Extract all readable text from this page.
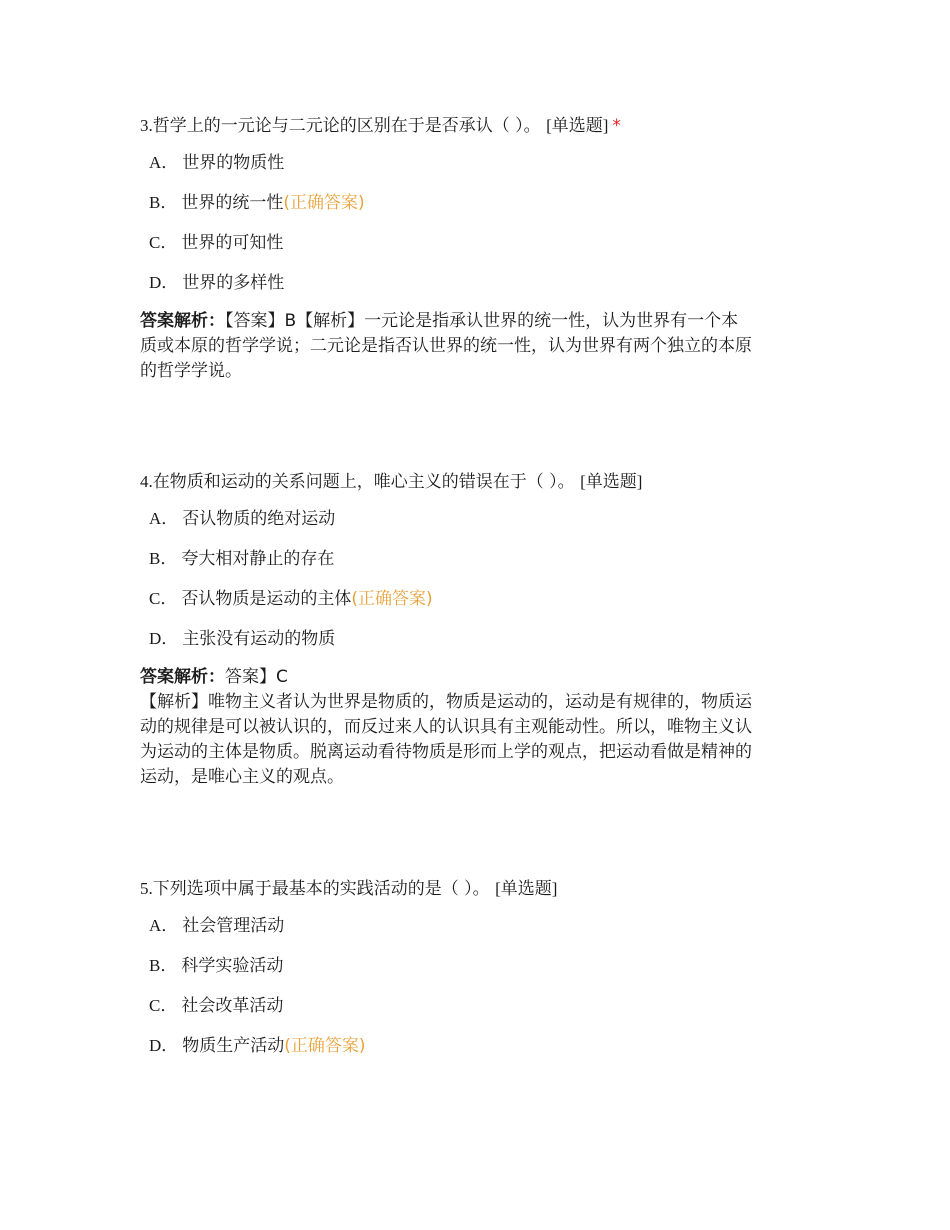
3.哲学上的一元论与二元论的区别在于是否承认（ ）。 [单选题] *

A． 世界的物质性
B． 世界的统一性(正确答案)
C． 世界的可知性
D． 世界的多样性
答案解析：【答案】B【解析】一元论是指承认世界的统一性，认为世界有一个本
质或本原的哲学学说；二元论是指否认世界的统一性，认为世界有两个独立的本原
的哲学学说。

4.在物质和运动的关系问题上，唯心主义的错误在于（ ）。 [单选题]

A． 否认物质的绝对运动
B． 夸大相对静止的存在
C． 否认物质是运动的主体(正确答案)
D． 主张没有运动的物质
答案解析：答案】C
【解析】唯物主义者认为世界是物质的，物质是运动的，运动是有规律的，物质运
动的规律是可以被认识的，而反过来人的认识具有主观能动性。所以，唯物主义认
为运动的主体是物质。脱离运动看待物质是形而上学的观点，把运动看做是精神的
运动，是唯心主义的观点。

5.下列选项中属于最基本的实践活动的是（ ）。 [单选题]

A． 社会管理活动
B． 科学实验活动
C． 社会改革活动
D． 物质生产活动(正确答案)
